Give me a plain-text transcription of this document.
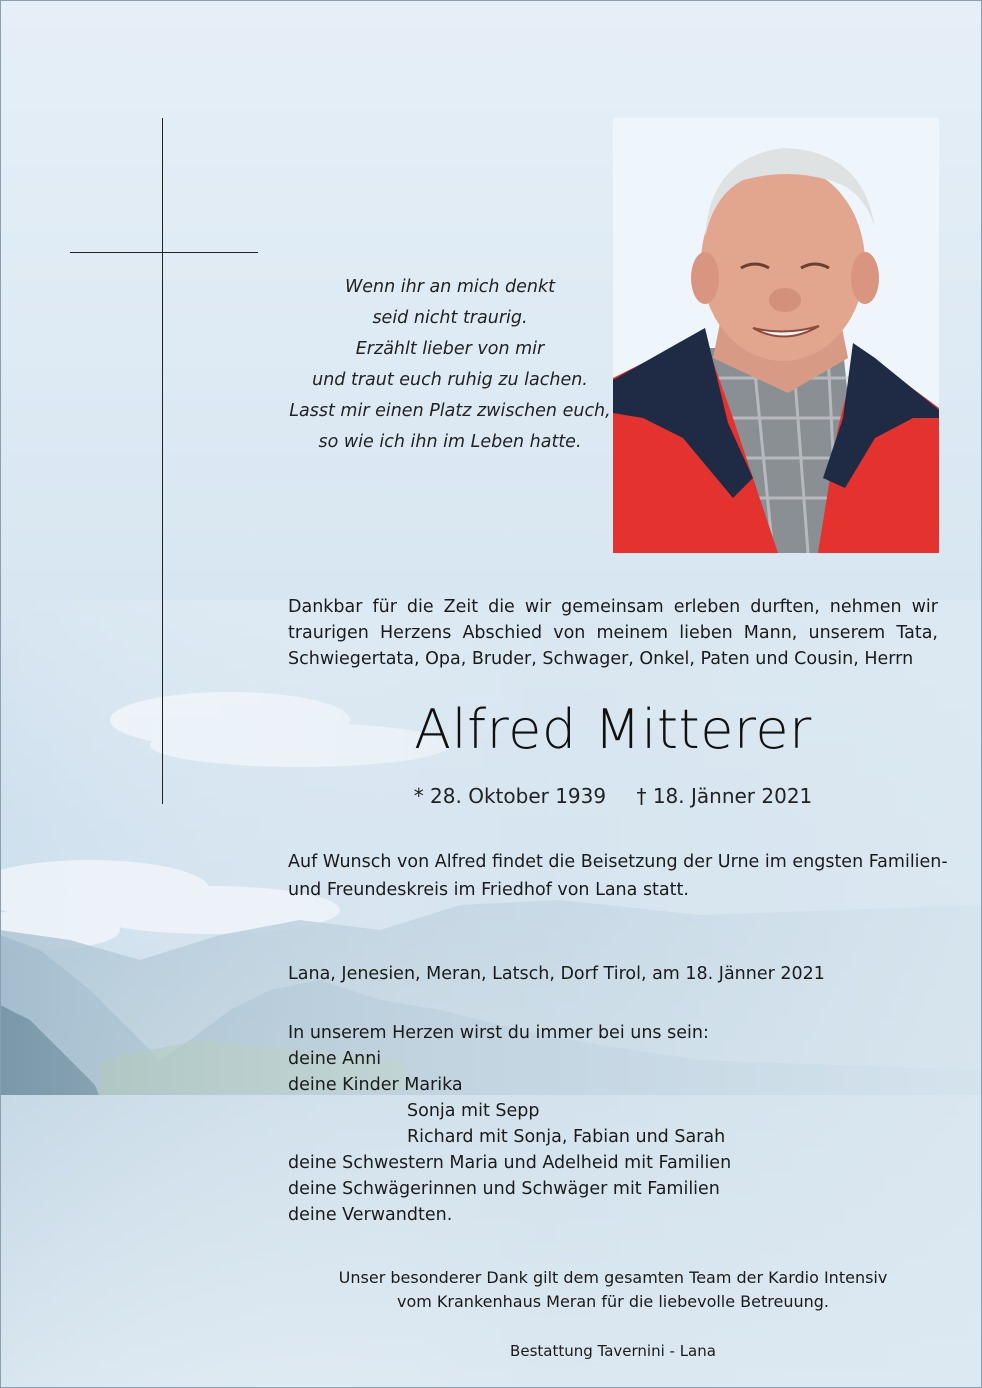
Wenn ihr an mich denkt
seid nicht traurig.
Erzählt lieber von mir
und traut euch ruhig zu lachen.
Lasst mir einen Platz zwischen euch,
so wie ich ihn im Leben hatte.
Dankbar für die Zeit die wir gemeinsam erleben durften, nehmen wir
traurigen Herzens Abschied von meinem lieben Mann, unserem Tata,
Schwiegertata, Opa, Bruder, Schwager, Onkel, Paten und Cousin, Herrn
Alfred Mitterer
* 28. Oktober 1939 † 18. Jänner 2021
Auf Wunsch von Alfred findet die Beisetzung der Urne im engsten Familien-
und Freundeskreis im Friedhof von Lana statt.
Lana, Jenesien, Meran, Latsch, Dorf Tirol, am 18. Jänner 2021
In unserem Herzen wirst du immer bei uns sein:
deine Anni
deine Kinder Marika
Sonja mit Sepp
Richard mit Sonja, Fabian und Sarah
deine Schwestern Maria und Adelheid mit Familien
deine Schwägerinnen und Schwäger mit Familien
deine Verwandten.
Unser besonderer Dank gilt dem gesamten Team der Kardio Intensiv
vom Krankenhaus Meran für die liebevolle Betreuung.
Bestattung Tavernini - Lana
